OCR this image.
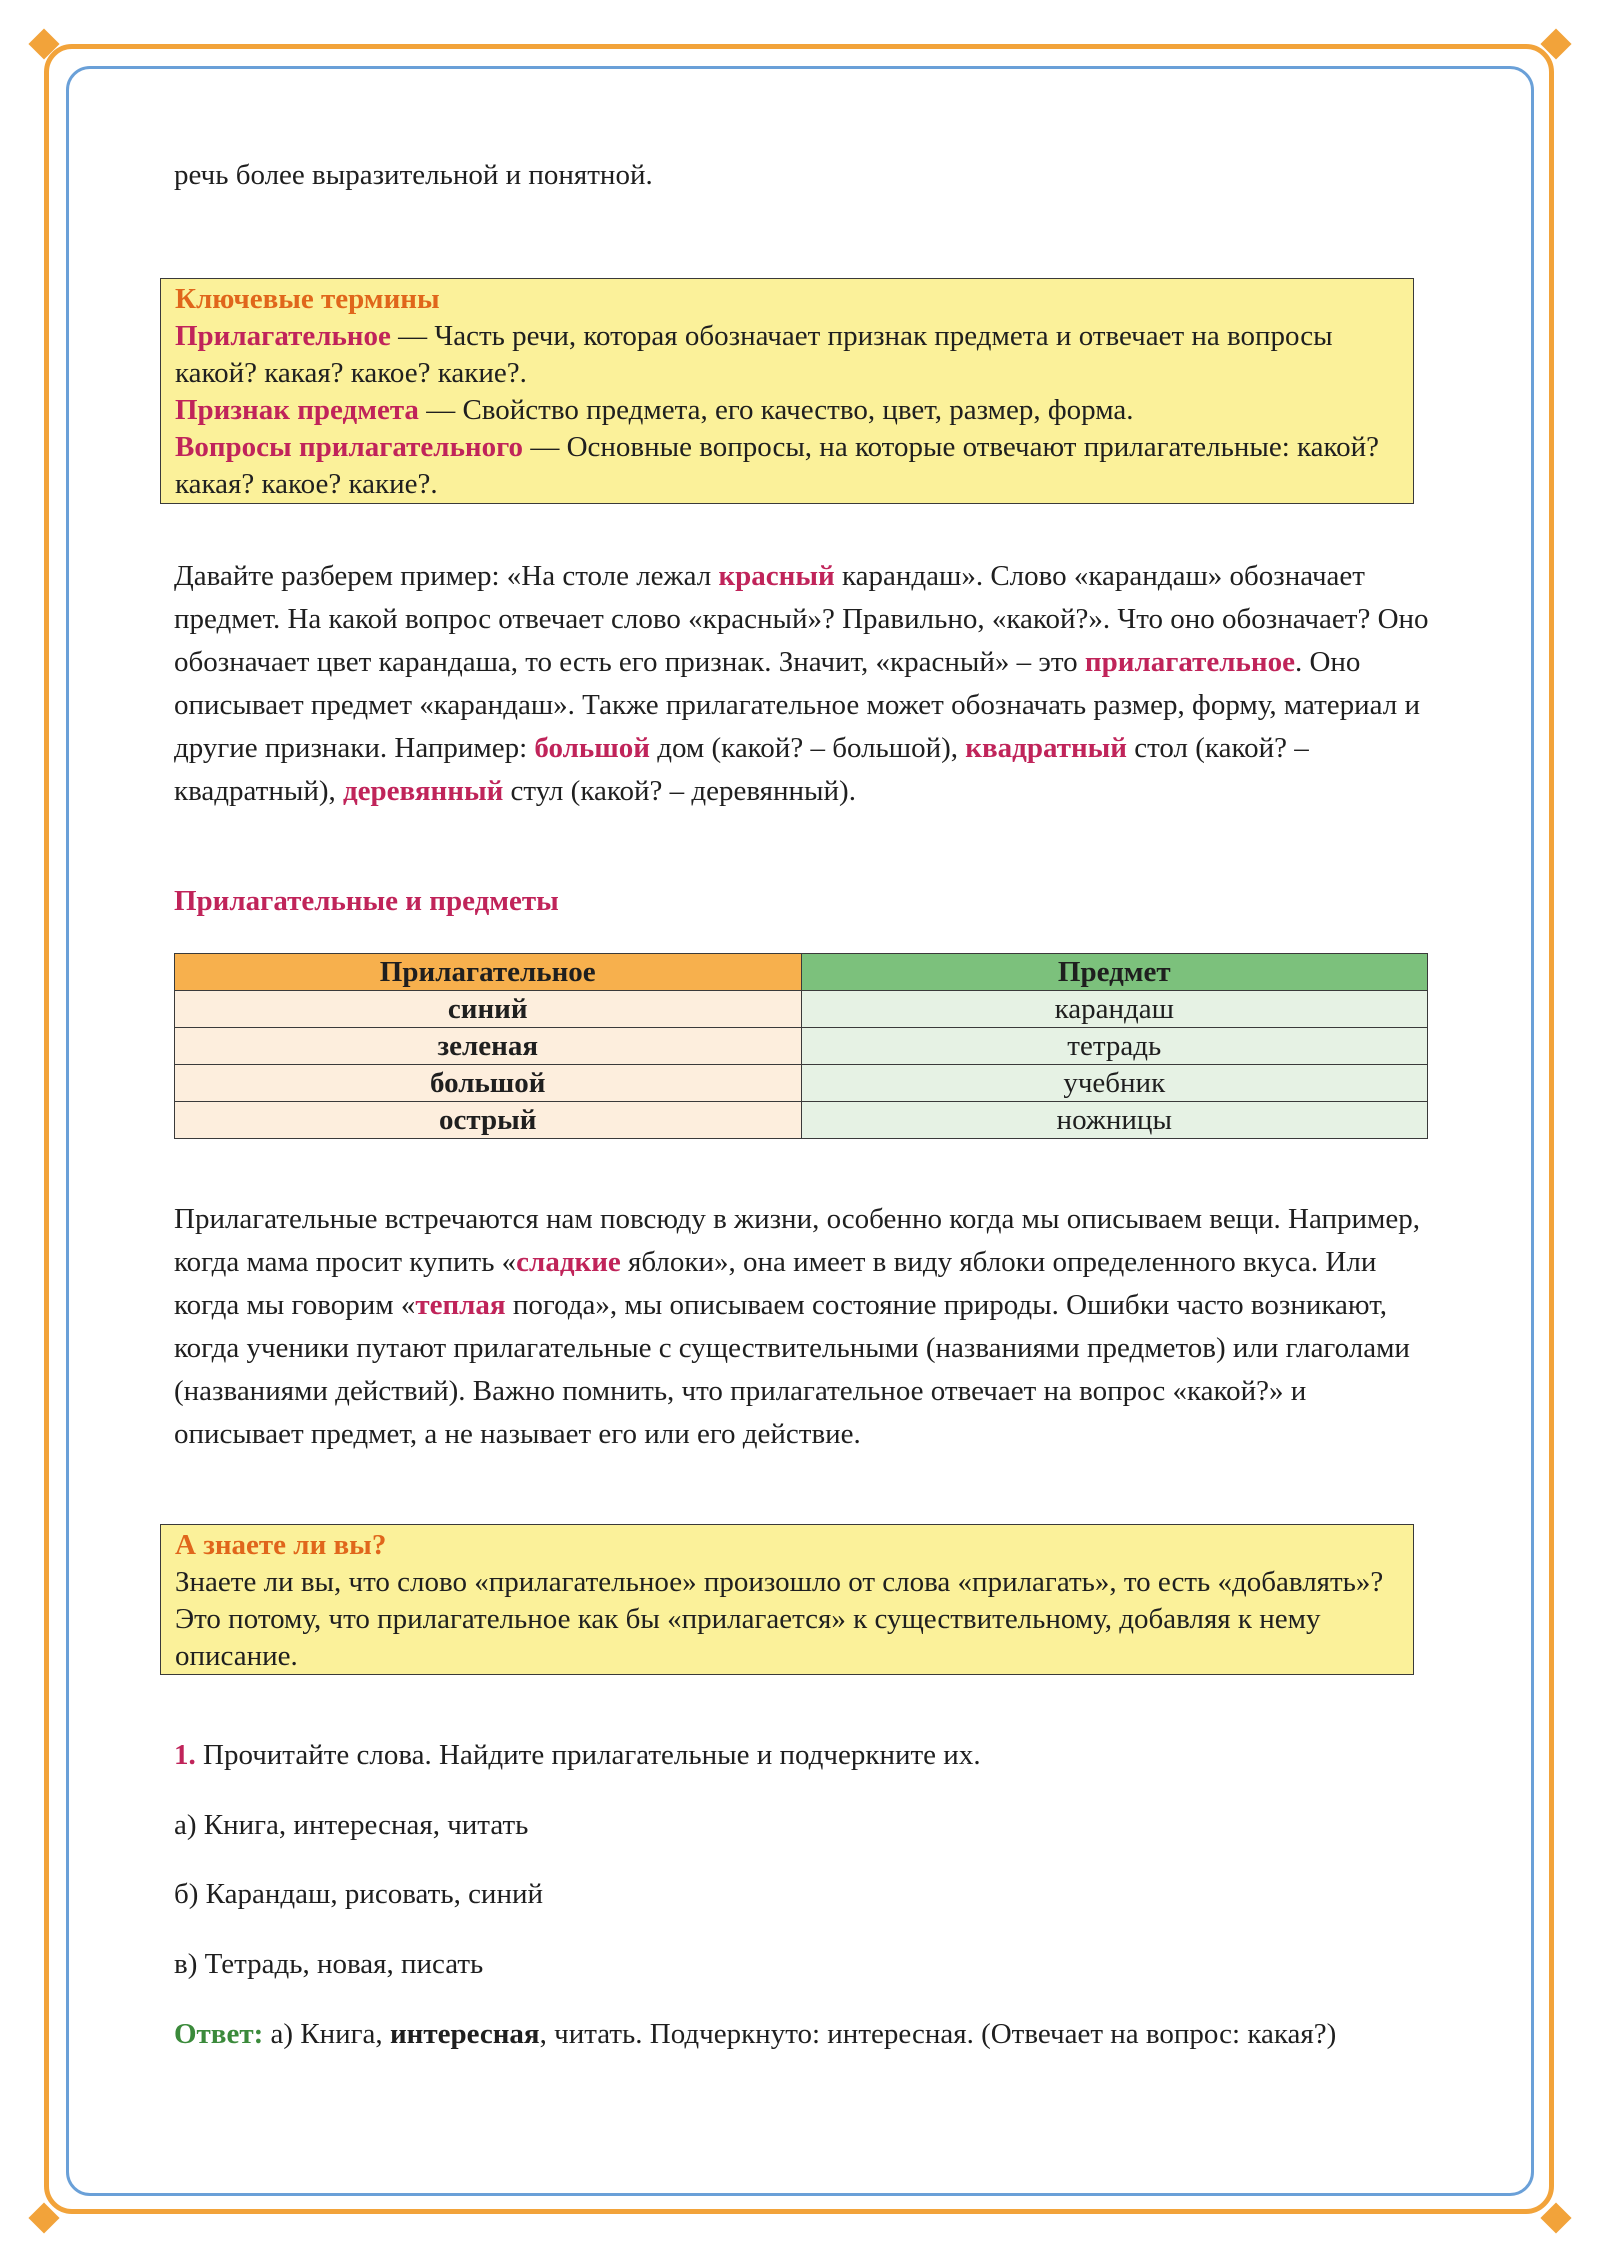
речь более выразительной и понятной.

Ключевые термины
Прилагательное — Часть речи, которая обозначает признак предмета и отвечает на вопросы какой? какая? какое? какие?.
Признак предмета — Свойство предмета, его качество, цвет, размер, форма.
Вопросы прилагательного — Основные вопросы, на которые отвечают прилагательные: какой? какая? какое? какие?.

Давайте разберем пример: «На столе лежал красный карандаш». Слово «карандаш» обозначает предмет. На какой вопрос отвечает слово «красный»? Правильно, «какой?». Что оно обозначает? Оно обозначает цвет карандаша, то есть его признак. Значит, «красный» – это прилагательное. Оно описывает предмет «карандаш». Также прилагательное может обозначать размер, форму, материал и другие признаки. Например: большой дом (какой? – большой), квадратный стол (какой? – квадратный), деревянный стул (какой? – деревянный).

Прилагательные и предметы

Прилагательное	Предмет
синий	карандаш
зеленая	тетрадь
большой	учебник
острый	ножницы

Прилагательные встречаются нам повсюду в жизни, особенно когда мы описываем вещи. Например, когда мама просит купить «сладкие яблоки», она имеет в виду яблоки определенного вкуса. Или когда мы говорим «теплая погода», мы описываем состояние природы. Ошибки часто возникают, когда ученики путают прилагательные с существительными (названиями предметов) или глаголами (названиями действий). Важно помнить, что прилагательное отвечает на вопрос «какой?» и описывает предмет, а не называет его или его действие.

А знаете ли вы?
Знаете ли вы, что слово «прилагательное» произошло от слова «прилагать», то есть «добавлять»? Это потому, что прилагательное как бы «прилагается» к существительному, добавляя к нему описание.

1. Прочитайте слова. Найдите прилагательные и подчеркните их.

а) Книга, интересная, читать

б) Карандаш, рисовать, синий

в) Тетрадь, новая, писать

Ответ: а) Книга, интересная, читать. Подчеркнуто: интересная. (Отвечает на вопрос: какая?)
